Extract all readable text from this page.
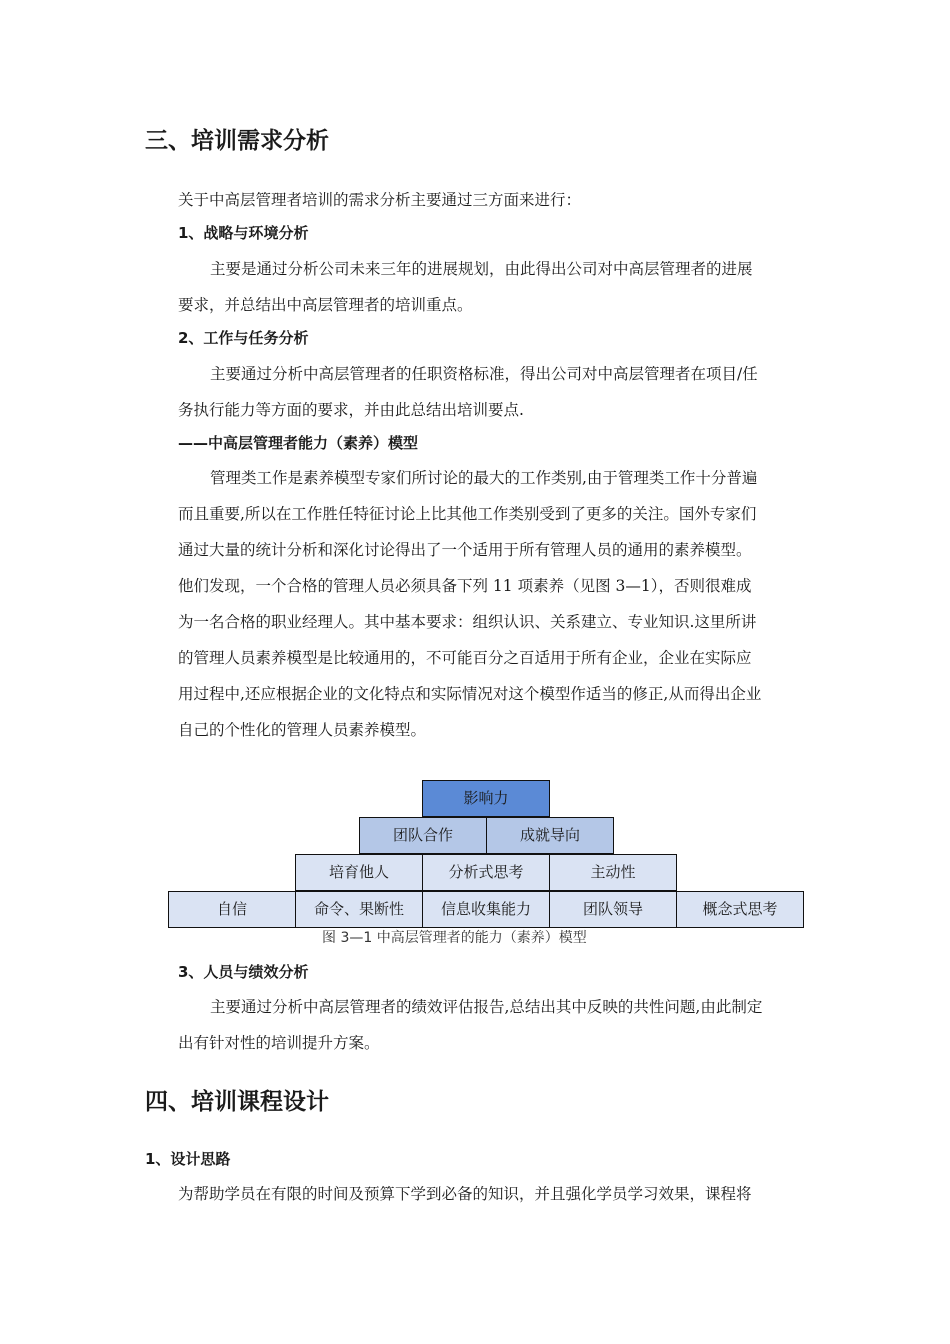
三、培训需求分析
关于中高层管理者培训的需求分析主要通过三方面来进行：
1、战略与环境分析
主要是通过分析公司未来三年的进展规划，由此得出公司对中高层管理者的进展
要求，并总结出中高层管理者的培训重点。
2、工作与任务分析
主要通过分析中高层管理者的任职资格标准，得出公司对中高层管理者在项目/任
务执行能力等方面的要求，并由此总结出培训要点.
——中高层管理者能力（素养）模型
管理类工作是素养模型专家们所讨论的最大的工作类别,由于管理类工作十分普遍
而且重要,所以在工作胜任特征讨论上比其他工作类别受到了更多的关注。国外专家们
通过大量的统计分析和深化讨论得出了一个适用于所有管理人员的通用的素养模型。
他们发现，一个合格的管理人员必须具备下列 11 项素养（见图 3—1），否则很难成
为一名合格的职业经理人。其中基本要求：组织认识、关系建立、专业知识.这里所讲
的管理人员素养模型是比较通用的，不可能百分之百适用于所有企业，企业在实际应
用过程中,还应根据企业的文化特点和实际情况对这个模型作适当的修正,从而得出企业
自己的个性化的管理人员素养模型。
影响力
团队合作	成就导向
培育他人	分析式思考	主动性
自信	命令、果断性	信息收集能力	团队领导	概念式思考
图 3—1 中高层管理者的能力（素养）模型
3、人员与绩效分析
主要通过分析中高层管理者的绩效评估报告,总结出其中反映的共性问题,由此制定
出有针对性的培训提升方案。
四、培训课程设计
1、设计思路
为帮助学员在有限的时间及预算下学到必备的知识，并且强化学员学习效果，课程将
